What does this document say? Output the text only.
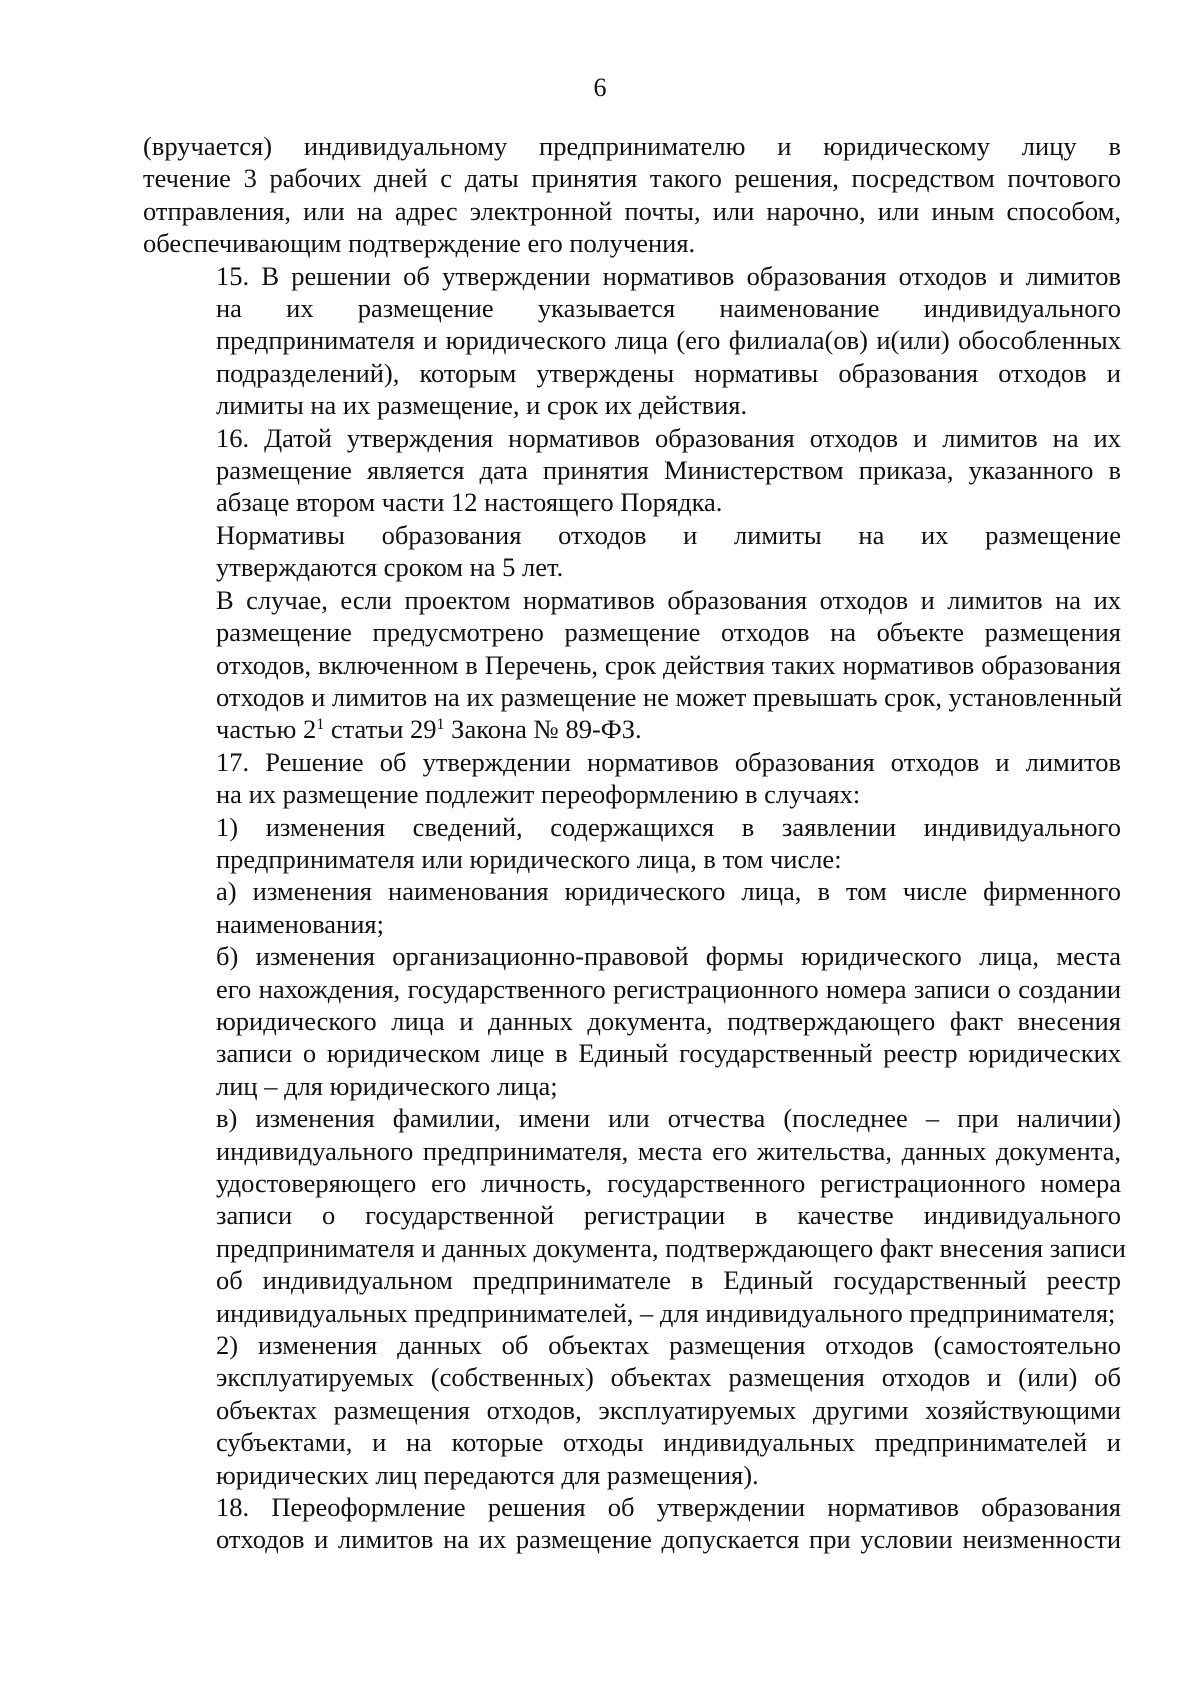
6

(вручается) индивидуальному предпринимателю и юридическому лицу в
течение 3 рабочих дней с даты принятия такого решения, посредством почтового
отправления, или на адрес электронной почты, или нарочно, или иным способом,
обеспечивающим подтверждение его получения.

15. В решении об утверждении нормативов образования отходов и лимитов
на их размещение указывается наименование индивидуального
предпринимателя и юридического лица (его филиала(ов) и(или) обособленных
подразделений), которым утверждены нормативы образования отходов и
лимиты на их размещение, и срок их действия.

16. Датой утверждения нормативов образования отходов и лимитов на их
размещение является дата принятия Министерством приказа, указанного в
абзаце втором части 12 настоящего Порядка.

Нормативы образования отходов и лимиты на их размещение
утверждаются сроком на 5 лет.

В случае, если проектом нормативов образования отходов и лимитов на их
размещение предусмотрено размещение отходов на объекте размещения
отходов, включенном в Перечень, срок действия таких нормативов образования
отходов и лимитов на их размещение не может превышать срок, установленный
частью $2^1$ статьи $29^1$ Закона № 89-ФЗ.

17. Решение об утверждении нормативов образования отходов и лимитов
на их размещение подлежит переоформлению в случаях:

1) изменения сведений, содержащихся в заявлении индивидуального
предпринимателя или юридического лица, в том числе:

а) изменения наименования юридического лица, в том числе фирменного
наименования;

б) изменения организационно-правовой формы юридического лица, места
его нахождения, государственного регистрационного номера записи о создании
юридического лица и данных документа, подтверждающего факт внесения
записи о юридическом лице в Единый государственный реестр юридических
лиц – для юридического лица;

в) изменения фамилии, имени или отчества (последнее – при наличии)
индивидуального предпринимателя, места его жительства, данных документа,
удостоверяющего его личность, государственного регистрационного номера
записи о государственной регистрации в качестве индивидуального
предпринимателя и данных документа, подтверждающего факт внесения записи
об индивидуальном предпринимателе в Единый государственный реестр
индивидуальных предпринимателей, – для индивидуального предпринимателя;

2) изменения данных об объектах размещения отходов (самостоятельно
эксплуатируемых (собственных) объектах размещения отходов и (или) об
объектах размещения отходов, эксплуатируемых другими хозяйствующими
субъектами, и на которые отходы индивидуальных предпринимателей и
юридических лиц передаются для размещения).

18. Переоформление решения об утверждении нормативов образования
отходов и лимитов на их размещение допускается при условии неизменности
